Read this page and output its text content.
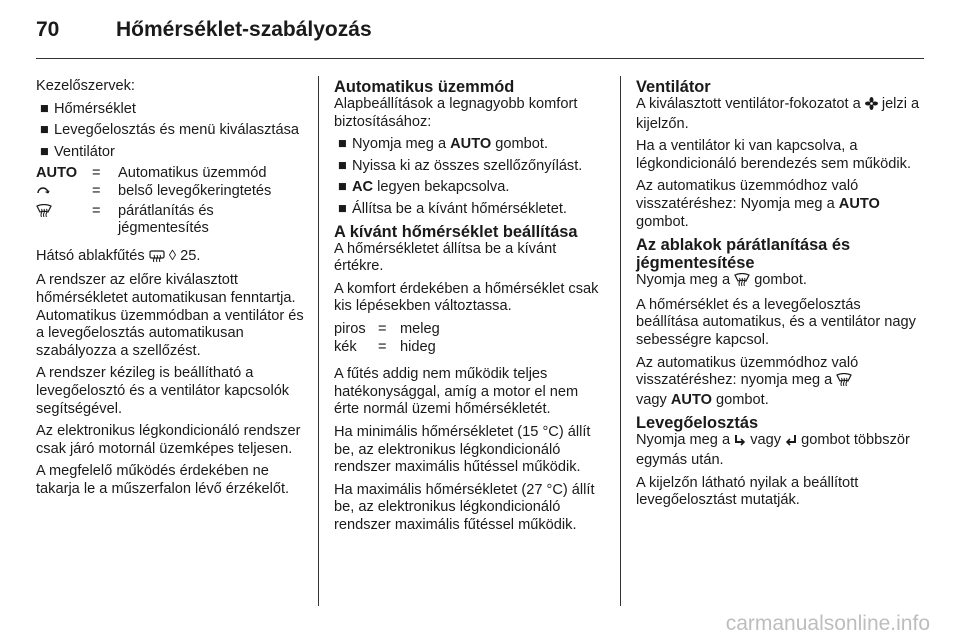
70	Hőmérséklet-szabályozás

Kezelőszervek:

■ Hőmérséklet
■ Levegőelosztás és menü kiválasztása
■ Ventilátor
AUTO	=	Automatikus üzemmód
	=	belső levegőkeringtetés
	=	párátlanítás és jégmentesítés

Hátsó ablakfűtés ◊ 25.

A rendszer az előre kiválasztott hőmérsékletet automatikusan fenntartja. Automatikus üzemmódban a ventilátor és a levegőelosztás automatikusan szabályozza a szellőzést.

A rendszer kézileg is beállítható a levegőelosztó és a ventilátor kapcsolók segítségével.

Az elektronikus légkondicionáló rendszer csak járó motornál üzemképes teljesen.

A megfelelő működés érdekében ne takarja le a műszerfalon lévő érzékelőt.

Automatikus üzemmód

Alapbeállítások a legnagyobb komfort biztosításához:

■ Nyomja meg a AUTO gombot.
■ Nyissa ki az összes szellőzőnyílást.
■ AC legyen bekapcsolva.
■ Állítsa be a kívánt hőmérsékletet.
A kívánt hőmérséklet beállítása

A hőmérsékletet állítsa be a kívánt értékre.

A komfort érdekében a hőmérséklet csak kis lépésekben változtassa.

piros	=	meleg
kék	=	hideg

A fűtés addig nem működik teljes hatékonysággal, amíg a motor el nem érte normál üzemi hőmérsékletét.

Ha minimális hőmérsékletet (15 °C) állít be, az elektronikus légkondicionáló rendszer maximális hűtéssel működik.

Ha maximális hőmérsékletet (27 °C) állít be, az elektronikus légkondicionáló rendszer maximális fűtéssel működik.

Ventilátor

A kiválasztott ventilátor-fokozatot a  jelzi a kijelzőn.

Ha a ventilátor ki van kapcsolva, a légkondicionáló berendezés sem működik.

Az automatikus üzemmódhoz való visszatéréshez: Nyomja meg a AUTO gombot.

Az ablakok párátlanítása és jégmentesítése

Nyomja meg a  gombot.

A hőmérséklet és a levegőelosztás beállítása automatikus, és a ventilátor nagy sebességre kapcsol.

Az automatikus üzemmódhoz való visszatéréshez: nyomja meg a
vagy AUTO gombot.

Levegőelosztás

Nyomja meg a  vagy  gombot többször egymás után.

A kijelzőn látható nyilak a beállított levegőelosztást mutatják.

carmanualsonline.info
